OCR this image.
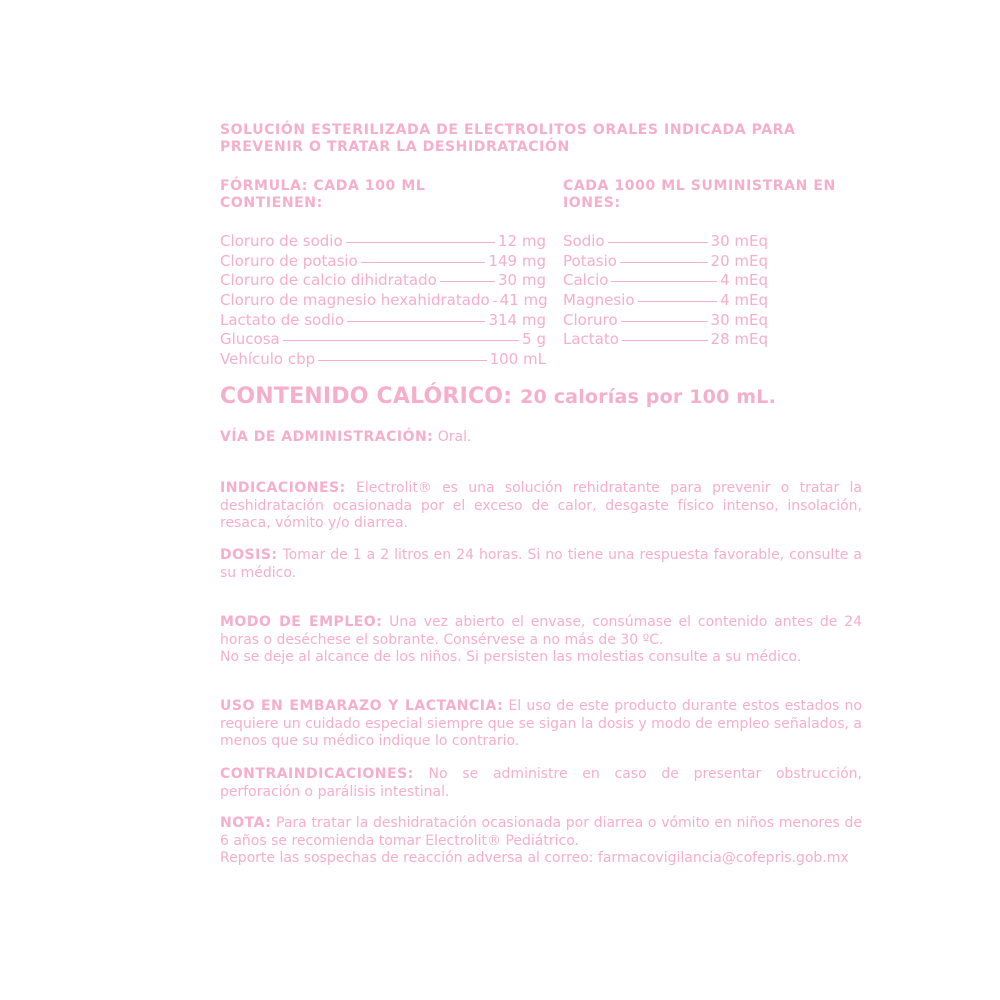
SOLUCIÓN ESTERILIZADA DE ELECTROLITOS ORALES INDICADA PARA PREVENIR O TRATAR LA DESHIDRATACIÓN
FÓRMULA: CADA 100 ML CONTIENEN:
CADA 1000 ML SUMINISTRAN EN IONES:
Cloruro de sodio	12 mg
Cloruro de potasio	149 mg
Cloruro de calcio dihidratado	30 mg
Cloruro de magnesio hexahidratado 41 mg
Lactato de sodio	314 mg
Glucosa	5 g
Vehículo cbp	100 mL
Sodio	30 mEq
Potasio	20 mEq
Calcio	4 mEq
Magnesio	4 mEq
Cloruro	30 mEq
Lactato	28 mEq
CONTENIDO CALÓRICO: 20 calorías por 100 mL.

VÍA DE ADMINISTRACIÓN: Oral.

INDICACIONES: Electrolit® es una solución rehidratante para prevenir o tratar la deshidratación ocasionada por el exceso de calor, desgaste físico intenso, insolación, resaca, vómito y/o diarrea.

DOSIS: Tomar de 1 a 2 litros en 24 horas. Si no tiene una respuesta favorable, consulte a su médico.

MODO DE EMPLEO: Una vez abierto el envase, consúmase el contenido antes de 24 horas o deséchese el sobrante. Consérvese a no más de 30 ºC.
No se deje al alcance de los niños. Si persisten las molestias consulte a su médico.

USO EN EMBARAZO Y LACTANCIA: El uso de este producto durante estos estados no requiere un cuidado especial siempre que se sigan la dosis y modo de empleo señalados, a menos que su médico indique lo contrario.

CONTRAINDICACIONES: No se administre en caso de presentar obstrucción, perforación o parálisis intestinal.

NOTA: Para tratar la deshidratación ocasionada por diarrea o vómito en niños menores de 6 años se recomienda tomar Electrolit® Pediátrico.
Reporte las sospechas de reacción adversa al correo: farmacovigilancia@cofepris.gob.mx
